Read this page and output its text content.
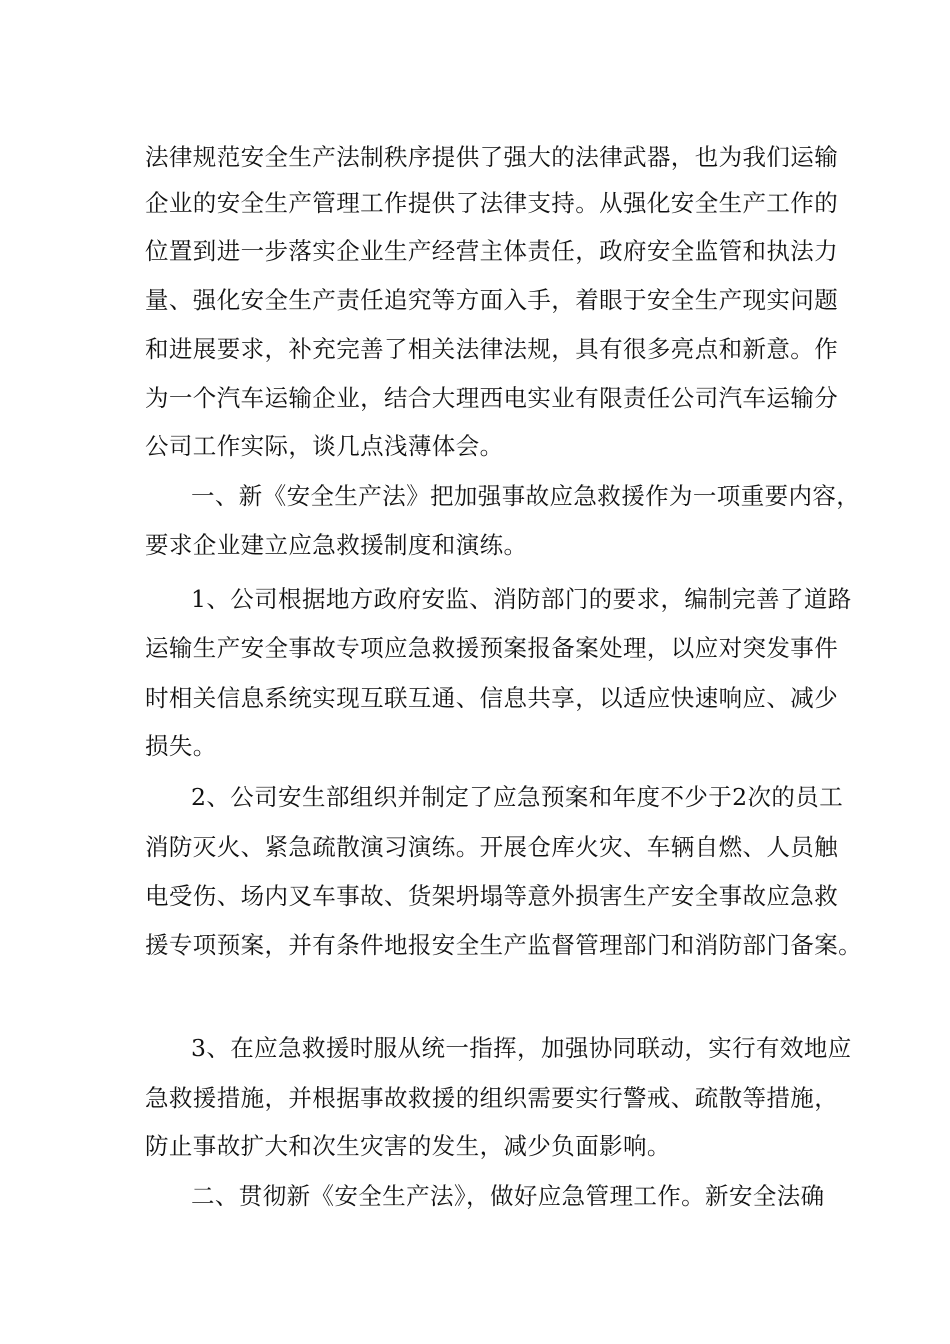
法律规范安全生产法制秩序提供了强大的法律武器，也为我们运输
企业的安全生产管理工作提供了法律支持。从强化安全生产工作的
位置到进一步落实企业生产经营主体责任，政府安全监管和执法力
量、强化安全生产责任追究等方面入手，着眼于安全生产现实问题
和进展要求，补充完善了相关法律法规，具有很多亮点和新意。作
为一个汽车运输企业，结合大理西电实业有限责任公司汽车运输分
公司工作实际，谈几点浅薄体会。
一、新《安全生产法》把加强事故应急救援作为一项重要内容，
要求企业建立应急救援制度和演练。
1、公司根据地方政府安监、消防部门的要求，编制完善了道路
运输生产安全事故专项应急救援预案报备案处理，以应对突发事件
时相关信息系统实现互联互通、信息共享，以适应快速响应、减少
损失。
2、公司安生部组织并制定了应急预案和年度不少于2次的员工
消防灭火、紧急疏散演习演练。开展仓库火灾、车辆自燃、人员触
电受伤、场内叉车事故、货架坍塌等意外损害生产安全事故应急救
援专项预案，并有条件地报安全生产监督管理部门和消防部门备案。
3、在应急救援时服从统一指挥，加强协同联动，实行有效地应
急救援措施，并根据事故救援的组织需要实行警戒、疏散等措施，
防止事故扩大和次生灾害的发生，减少负面影响。
二、贯彻新《安全生产法》，做好应急管理工作。新安全法确
